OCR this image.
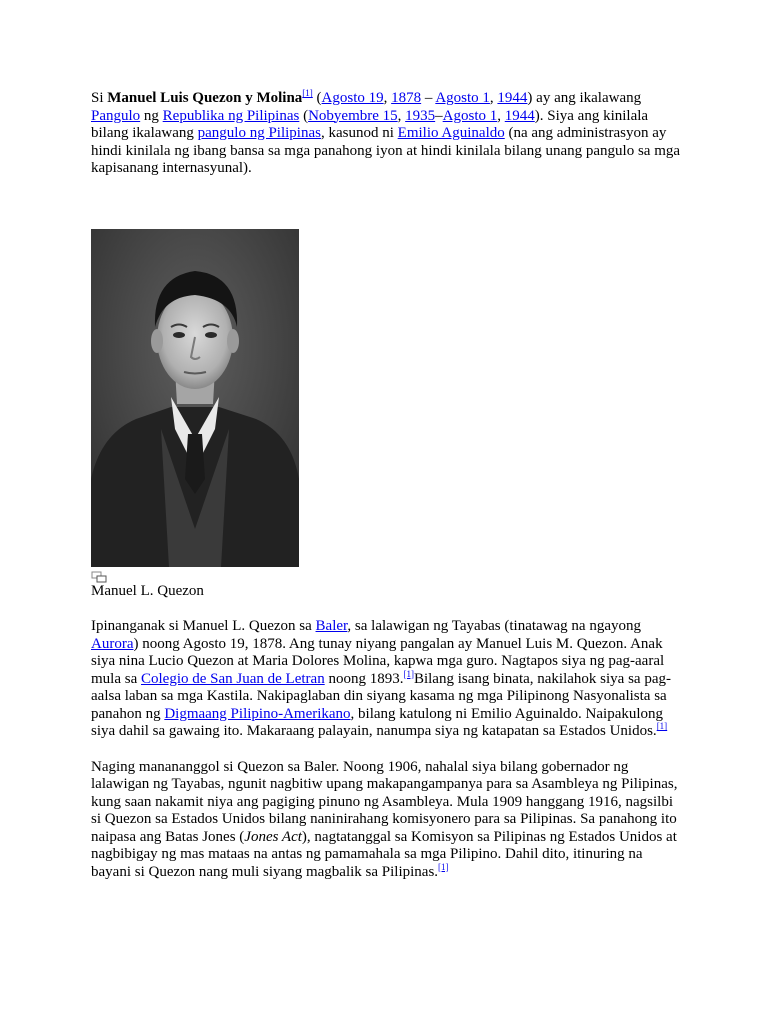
Si Manuel Luis Quezon y Molina[1] (Agosto 19, 1878 – Agosto 1, 1944) ay ang ikalawang Pangulo ng Republika ng Pilipinas (Nobyembre 15, 1935–Agosto 1, 1944). Siya ang kinilala bilang ikalawang pangulo ng Pilipinas, kasunod ni Emilio Aguinaldo (na ang administrasyon ay hindi kinilala ng ibang bansa sa mga panahong iyon at hindi kinilala bilang unang pangulo sa mga kapisanang internasyunal).

Manuel L. Quezon

Ipinanganak si Manuel L. Quezon sa Baler, sa lalawigan ng Tayabas (tinatawag na ngayong Aurora) noong Agosto 19, 1878. Ang tunay niyang pangalan ay Manuel Luis M. Quezon. Anak siya nina Lucio Quezon at Maria Dolores Molina, kapwa mga guro. Nagtapos siya ng pag-aaral mula sa Colegio de San Juan de Letran noong 1893.[1]Bilang isang binata, nakilahok siya sa pag-aalsa laban sa mga Kastila. Nakipaglaban din siyang kasama ng mga Pilipinong Nasyonalista sa panahon ng Digmaang Pilipino-Amerikano, bilang katulong ni Emilio Aguinaldo. Naipakulong siya dahil sa gawaing ito. Makaraang palayain, nanumpa siya ng katapatan sa Estados Unidos.[1]

Naging manananggol si Quezon sa Baler. Noong 1906, nahalal siya bilang gobernador ng lalawigan ng Tayabas, ngunit nagbitiw upang makapangampanya para sa Asambleya ng Pilipinas, kung saan nakamit niya ang pagiging pinuno ng Asambleya. Mula 1909 hanggang 1916, nagsilbi si Quezon sa Estados Unidos bilang naninirahang komisyonero para sa Pilipinas. Sa panahong ito naipasa ang Batas Jones (Jones Act), nagtatanggal sa Komisyon sa Pilipinas ng Estados Unidos at nagbibigay ng mas mataas na antas ng pamamahala sa mga Pilipino. Dahil dito, itinuring na bayani si Quezon nang muli siyang magbalik sa Pilipinas.[1]
